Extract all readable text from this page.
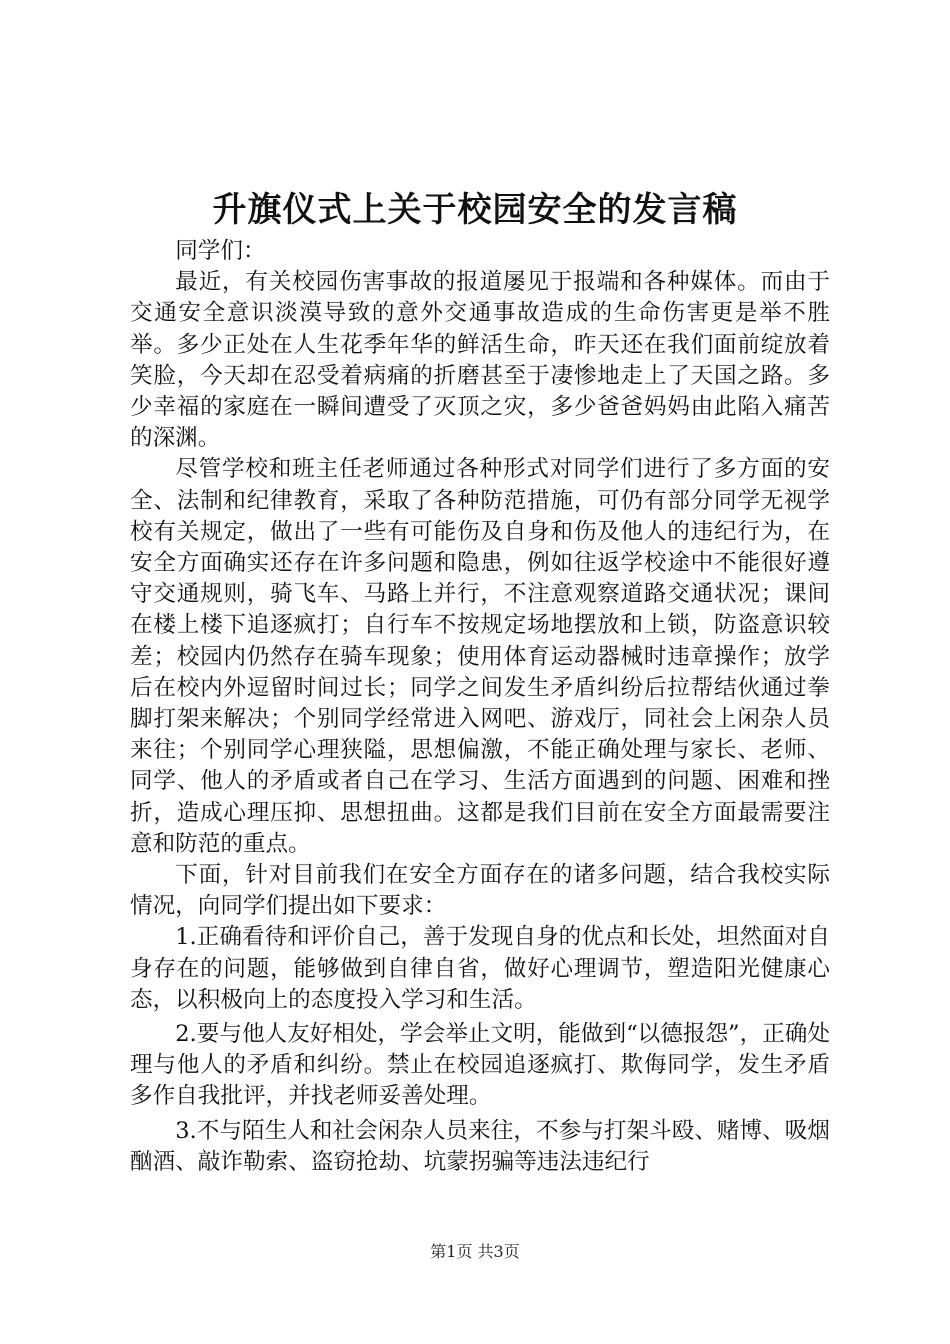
升旗仪式上关于校园安全的发言稿

同学们：

最近，有关校园伤害事故的报道屡见于报端和各种媒体。而由于交通安全意识淡漠导致的意外交通事故造成的生命伤害更是举不胜举。多少正处在人生花季年华的鲜活生命，昨天还在我们面前绽放着笑脸，今天却在忍受着病痛的折磨甚至于凄惨地走上了天国之路。多少幸福的家庭在一瞬间遭受了灭顶之灾，多少爸爸妈妈由此陷入痛苦的深渊。

尽管学校和班主任老师通过各种形式对同学们进行了多方面的安全、法制和纪律教育，采取了各种防范措施，可仍有部分同学无视学校有关规定，做出了一些有可能伤及自身和伤及他人的违纪行为，在安全方面确实还存在许多问题和隐患，例如往返学校途中不能很好遵守交通规则，骑飞车、马路上并行，不注意观察道路交通状况；课间在楼上楼下追逐疯打；自行车不按规定场地摆放和上锁，防盗意识较差；校园内仍然存在骑车现象；使用体育运动器械时违章操作；放学后在校内外逗留时间过长；同学之间发生矛盾纠纷后拉帮结伙通过拳脚打架来解决；个别同学经常进入网吧、游戏厅，同社会上闲杂人员来往；个别同学心理狭隘，思想偏激，不能正确处理与家长、老师、同学、他人的矛盾或者自己在学习、生活方面遇到的问题、困难和挫折，造成心理压抑、思想扭曲。这都是我们目前在安全方面最需要注意和防范的重点。

下面，针对目前我们在安全方面存在的诸多问题，结合我校实际情况，向同学们提出如下要求：

1.正确看待和评价自己，善于发现自身的优点和长处，坦然面对自身存在的问题，能够做到自律自省，做好心理调节，塑造阳光健康心态，以积极向上的态度投入学习和生活。

2.要与他人友好相处，学会举止文明，能做到“以德报怨”，正确处理与他人的矛盾和纠纷。禁止在校园追逐疯打、欺侮同学，发生矛盾多作自我批评，并找老师妥善处理。

3.不与陌生人和社会闲杂人员来往，不参与打架斗殴、赌博、吸烟酗酒、敲诈勒索、盗窃抢劫、坑蒙拐骗等违法违纪行

第1页 共3页
